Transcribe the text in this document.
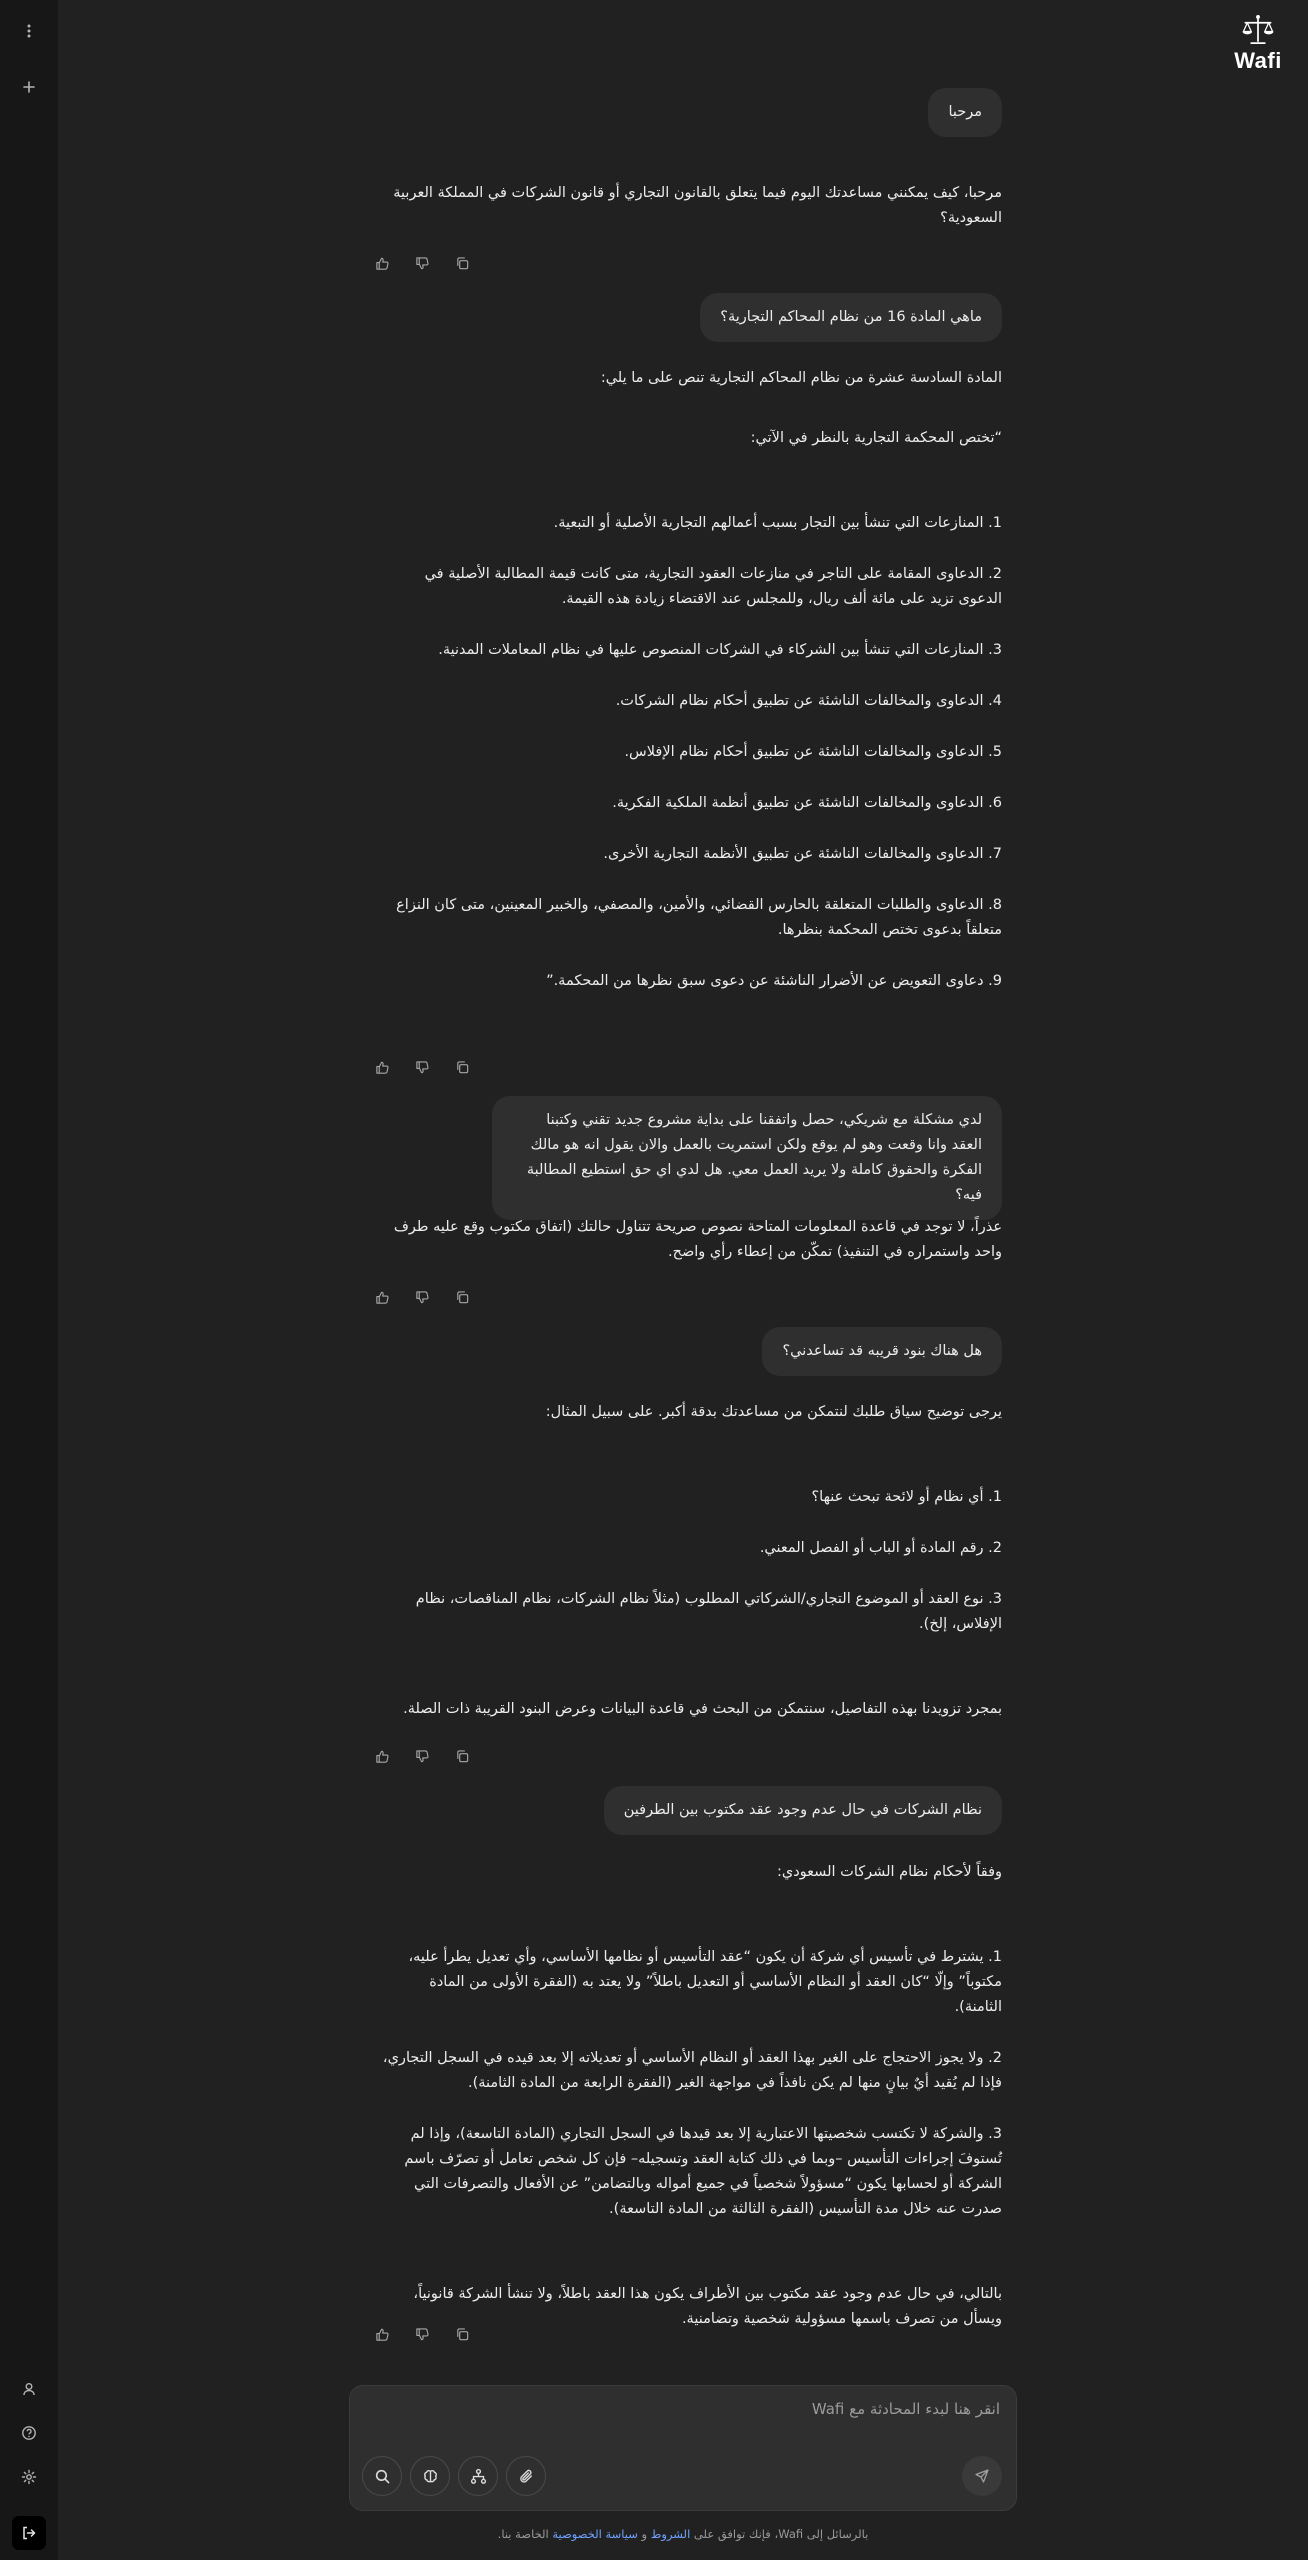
Wafi
مرحبا

مرحبا، كيف يمكنني مساعدتك اليوم فيما يتعلق بالقانون التجاري أو قانون الشركات في المملكة العربية السعودية؟

ماهي المادة 16 من نظام المحاكم التجارية؟

المادة السادسة عشرة من نظام المحاكم التجارية تنص على ما يلي:

“تختص المحكمة التجارية بالنظر في الآتي:

1. المنازعات التي تنشأ بين التجار بسبب أعمالهم التجارية الأصلية أو التبعية.

2. الدعاوى المقامة على التاجر في منازعات العقود التجارية، متى كانت قيمة المطالبة الأصلية في الدعوى تزيد على مائة ألف ريال، وللمجلس عند الاقتضاء زيادة هذه القيمة.

3. المنازعات التي تنشأ بين الشركاء في الشركات المنصوص عليها في نظام المعاملات المدنية.

4. الدعاوى والمخالفات الناشئة عن تطبيق أحكام نظام الشركات.

5. الدعاوى والمخالفات الناشئة عن تطبيق أحكام نظام الإفلاس.

6. الدعاوى والمخالفات الناشئة عن تطبيق أنظمة الملكية الفكرية.

7. الدعاوى والمخالفات الناشئة عن تطبيق الأنظمة التجارية الأخرى.

8. الدعاوى والطلبات المتعلقة بالحارس القضائي، والأمين، والمصفي، والخبير المعينين، متى كان النزاع متعلقاً بدعوى تختص المحكمة بنظرها.

9. دعاوى التعويض عن الأضرار الناشئة عن دعوى سبق نظرها من المحكمة.”

لدي مشكلة مع شريكي، حصل واتفقنا على بداية مشروع جديد تقني وكتبنا العقد وانا وقعت وهو لم يوقع ولكن استمريت بالعمل والان يقول انه هو مالك الفكرة والحقوق كاملة ولا يريد العمل معي. هل لدي اي حق استطيع المطالبة فيه؟

عذراً، لا توجد في قاعدة المعلومات المتاحة نصوص صريحة تتناول حالتك (اتفاق مكتوب وقع عليه طرف واحد واستمراره في التنفيذ) تمكّن من إعطاء رأي واضح.

هل هناك بنود قريبه قد تساعدني؟

يرجى توضيح سياق طلبك لنتمكن من مساعدتك بدقة أكبر. على سبيل المثال:

1. أي نظام أو لائحة تبحث عنها؟

2. رقم المادة أو الباب أو الفصل المعني.

3. نوع العقد أو الموضوع التجاري/الشركاتي المطلوب (مثلاً نظام الشركات، نظام المناقصات، نظام الإفلاس، إلخ).

بمجرد تزويدنا بهذه التفاصيل، سنتمكن من البحث في قاعدة البيانات وعرض البنود القريبة ذات الصلة.

نظام الشركات في حال عدم وجود عقد مكتوب بين الطرفين

وفقاً لأحكام نظام الشركات السعودي:

1. يشترط في تأسيس أي شركة أن يكون “عقد التأسيس أو نظامها الأساسي، وأي تعديل يطرأ عليه، مكتوباً” وإلّا “كان العقد أو النظام الأساسي أو التعديل باطلاً” ولا يعتد به (الفقرة الأولى من المادة الثامنة).

2. ولا يجوز الاحتجاج على الغير بهذا العقد أو النظام الأساسي أو تعديلاته إلا بعد قيده في السجل التجاري، فإذا لم يُقيد أيٌ بيانٍ منها لم يكن نافذاً في مواجهة الغير (الفقرة الرابعة من المادة الثامنة).

3. والشركة لا تكتسب شخصيتها الاعتبارية إلا بعد قيدها في السجل التجاري (المادة التاسعة)، وإذا لم تُستوفَ إجراءات التأسيس –وبما في ذلك كتابة العقد وتسجيله– فإن كل شخص تعامل أو تصرّف باسم الشركة أو لحسابها يكون “مسؤولاً شخصياً في جميع أمواله وبالتضامن” عن الأفعال والتصرفات التي صدرت عنه خلال مدة التأسيس (الفقرة الثالثة من المادة التاسعة).

بالتالي، في حال عدم وجود عقد مكتوب بين الأطراف يكون هذا العقد باطلاً، ولا تنشأ الشركة قانونياً، ويسأل من تصرف باسمها مسؤولية شخصية وتضامنية.

انقر هنا لبدء المحادثة مع Wafi
بالرسائل إلى Wafi، فإنك توافق على الشروط و سياسة الخصوصية الخاصة بنا.
